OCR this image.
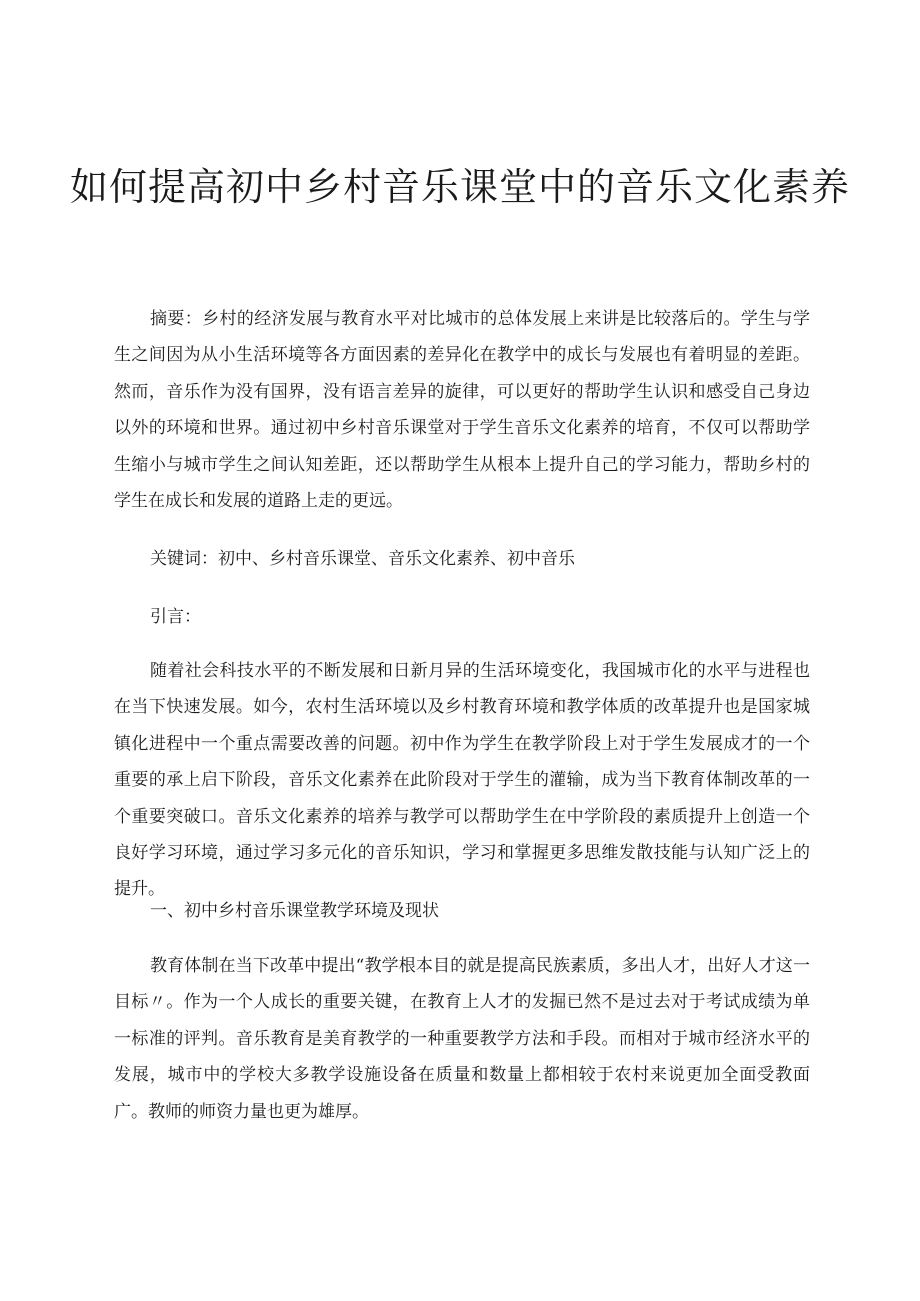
如何提高初中乡村音乐课堂中的音乐文化素养

摘要：乡村的经济发展与教育水平对比城市的总体发展上来讲是比较落后的。学生与学生之间因为从小生活环境等各方面因素的差异化在教学中的成长与发展也有着明显的差距。然而，音乐作为没有国界，没有语言差异的旋律，可以更好的帮助学生认识和感受自己身边以外的环境和世界。通过初中乡村音乐课堂对于学生音乐文化素养的培育，不仅可以帮助学生缩小与城市学生之间认知差距，还以帮助学生从根本上提升自己的学习能力，帮助乡村的学生在成长和发展的道路上走的更远。

关键词：初中、乡村音乐课堂、音乐文化素养、初中音乐

引言：

随着社会科技水平的不断发展和日新月异的生活环境变化，我国城市化的水平与进程也在当下快速发展。如今，农村生活环境以及乡村教育环境和教学体质的改革提升也是国家城镇化进程中一个重点需要改善的问题。初中作为学生在教学阶段上对于学生发展成才的一个重要的承上启下阶段，音乐文化素养在此阶段对于学生的灌输，成为当下教育体制改革的一个重要突破口。音乐文化素养的培养与教学可以帮助学生在中学阶段的素质提升上创造一个良好学习环境，通过学习多元化的音乐知识，学习和掌握更多思维发散技能与认知广泛上的提升。

一、初中乡村音乐课堂教学环境及现状

教育体制在当下改革中提出“教学根本目的就是提高民族素质，多出人才，出好人才这一目标〃。作为一个人成长的重要关键，在教育上人才的发掘已然不是过去对于考试成绩为单一标准的评判。音乐教育是美育教学的一种重要教学方法和手段。而相对于城市经济水平的发展，城市中的学校大多教学设施设备在质量和数量上都相较于农村来说更加全面受教面广。教师的师资力量也更为雄厚。
